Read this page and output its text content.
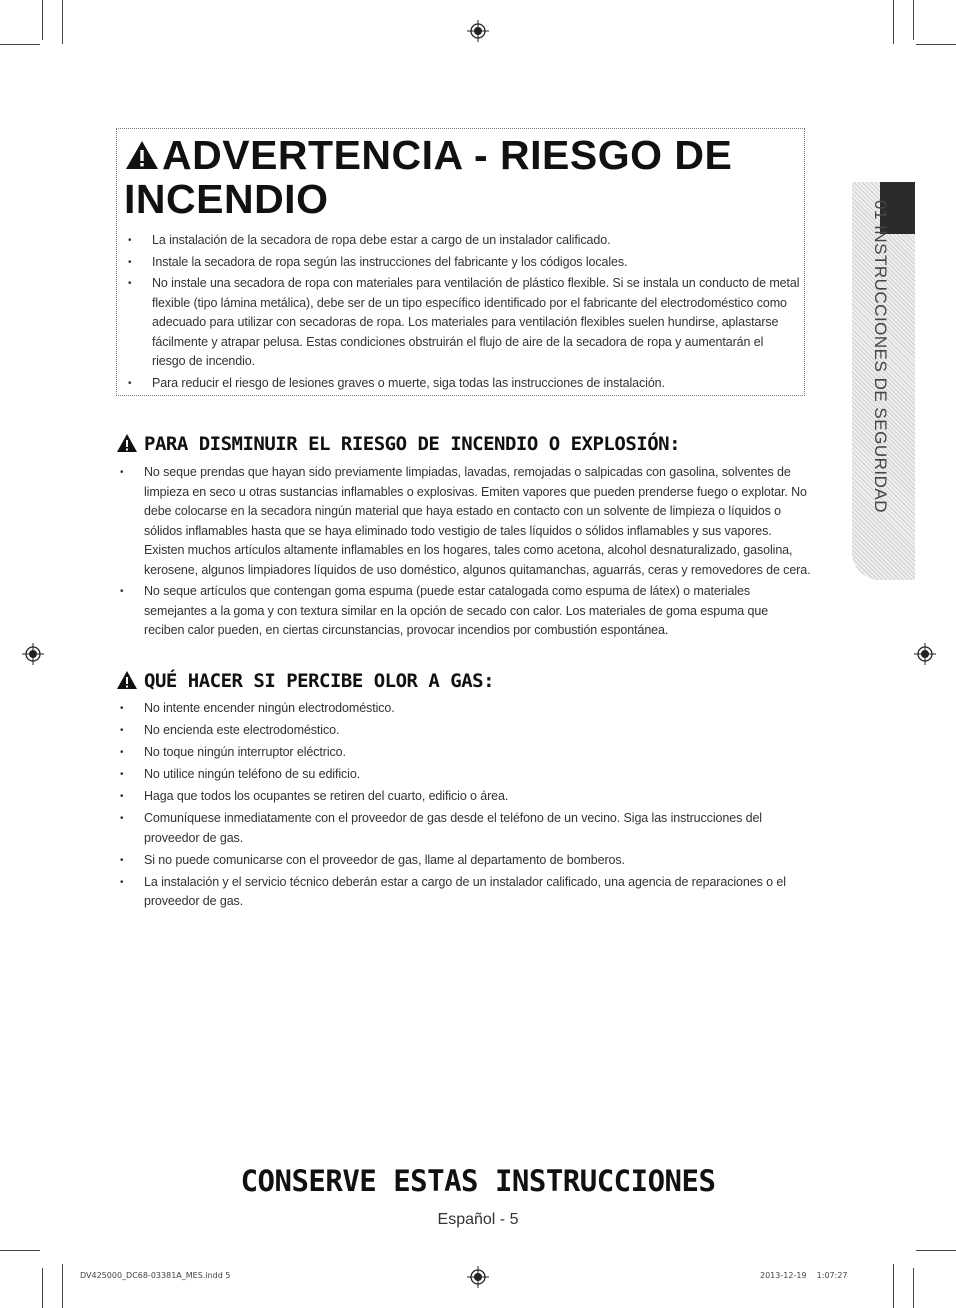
ADVERTENCIA - RIESGO DE INCENDIO
• La instalación de la secadora de ropa debe estar a cargo de un instalador calificado.
• Instale la secadora de ropa según las instrucciones del fabricante y los códigos locales.
• No instale una secadora de ropa con materiales para ventilación de plástico flexible. Si se instala un conducto de metal flexible (tipo lámina metálica), debe ser de un tipo específico identificado por el fabricante del electrodoméstico como adecuado para utilizar con secadoras de ropa. Los materiales para ventilación flexibles suelen hundirse, aplastarse fácilmente y atrapar pelusa. Estas condiciones obstruirán el flujo de aire de la secadora de ropa y aumentarán el riesgo de incendio.
• Para reducir el riesgo de lesiones graves o muerte, siga todas las instrucciones de instalación.
PARA DISMINUIR EL RIESGO DE INCENDIO O EXPLOSIÓN:
• No seque prendas que hayan sido previamente limpiadas, lavadas, remojadas o salpicadas con gasolina, solventes de limpieza en seco u otras sustancias inflamables o explosivas. Emiten vapores que pueden prenderse fuego o explotar. No debe colocarse en la secadora ningún material que haya estado en contacto con un solvente de limpieza o líquidos o sólidos inflamables hasta que se haya eliminado todo vestigio de tales líquidos o sólidos inflamables y sus vapores. Existen muchos artículos altamente inflamables en los hogares, tales como acetona, alcohol desnaturalizado, gasolina, kerosene, algunos limpiadores líquidos de uso doméstico, algunos quitamanchas, aguarrás, ceras y removedores de cera.
• No seque artículos que contengan goma espuma (puede estar catalogada como espuma de látex) o materiales semejantes a la goma y con textura similar en la opción de secado con calor. Los materiales de goma espuma que reciben calor pueden, en ciertas circunstancias, provocar incendios por combustión espontánea.
QUÉ HACER SI PERCIBE OLOR A GAS:
• No intente encender ningún electrodoméstico.
• No encienda este electrodoméstico.
• No toque ningún interruptor eléctrico.
• No utilice ningún teléfono de su edificio.
• Haga que todos los ocupantes se retiren del cuarto, edificio o área.
• Comuníquese inmediatamente con el proveedor de gas desde el teléfono de un vecino. Siga las instrucciones del proveedor de gas.
• Si no puede comunicarse con el proveedor de gas, llame al departamento de bomberos.
• La instalación y el servicio técnico deberán estar a cargo de un instalador calificado, una agencia de reparaciones o el proveedor de gas.
01 INSTRUCCIONES DE SEGURIDAD
CONSERVE ESTAS INSTRUCCIONES
Español - 5
DV425000_DC68-03381A_MES.indd 5	2013-12-19    1:07:27
